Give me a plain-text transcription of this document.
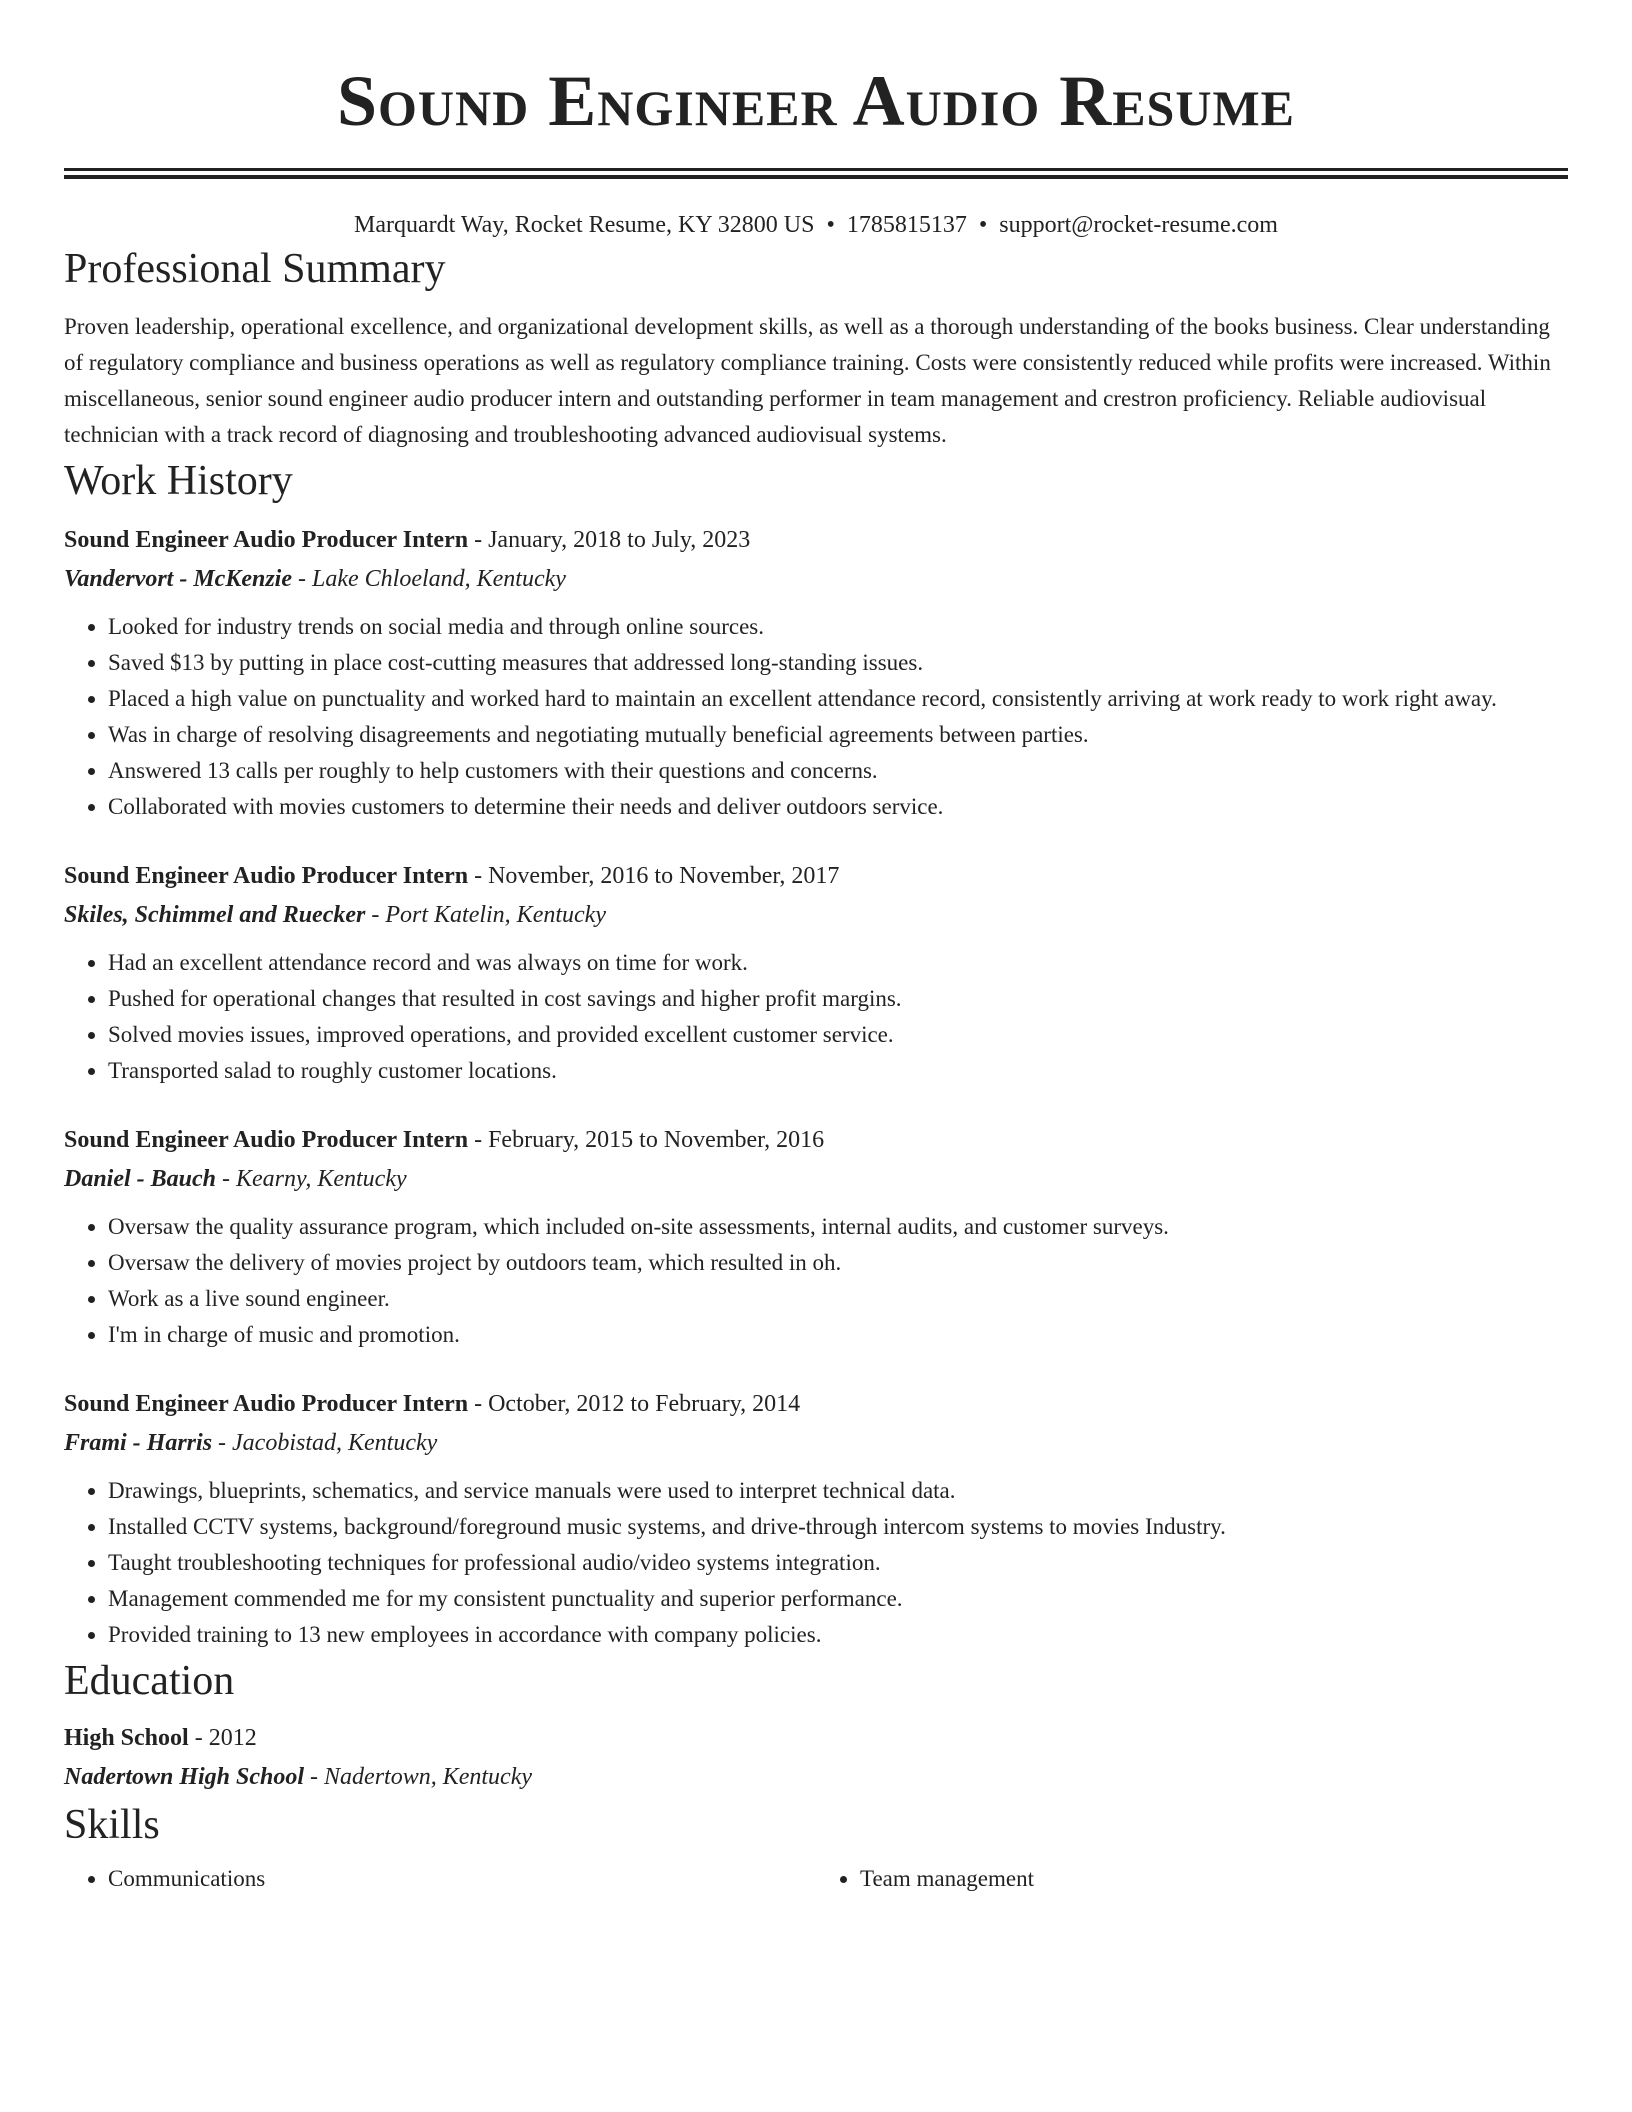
Sound Engineer Audio Resume
Marquardt Way, Rocket Resume, KY 32800 US • 1785815137 • support@rocket-resume.com
Professional Summary
Proven leadership, operational excellence, and organizational development skills, as well as a thorough understanding of the books business. Clear understanding of regulatory compliance and business operations as well as regulatory compliance training. Costs were consistently reduced while profits were increased. Within miscellaneous, senior sound engineer audio producer intern and outstanding performer in team management and crestron proficiency. Reliable audiovisual technician with a track record of diagnosing and troubleshooting advanced audiovisual systems.
Work History
Sound Engineer Audio Producer Intern - January, 2018 to July, 2023
Vandervort - McKenzie - Lake Chloeland, Kentucky
• Looked for industry trends on social media and through online sources.
• Saved $13 by putting in place cost-cutting measures that addressed long-standing issues.
• Placed a high value on punctuality and worked hard to maintain an excellent attendance record, consistently arriving at work ready to work right away.
• Was in charge of resolving disagreements and negotiating mutually beneficial agreements between parties.
• Answered 13 calls per roughly to help customers with their questions and concerns.
• Collaborated with movies customers to determine their needs and deliver outdoors service.
Sound Engineer Audio Producer Intern - November, 2016 to November, 2017
Skiles, Schimmel and Ruecker - Port Katelin, Kentucky
• Had an excellent attendance record and was always on time for work.
• Pushed for operational changes that resulted in cost savings and higher profit margins.
• Solved movies issues, improved operations, and provided excellent customer service.
• Transported salad to roughly customer locations.
Sound Engineer Audio Producer Intern - February, 2015 to November, 2016
Daniel - Bauch - Kearny, Kentucky
• Oversaw the quality assurance program, which included on-site assessments, internal audits, and customer surveys.
• Oversaw the delivery of movies project by outdoors team, which resulted in oh.
• Work as a live sound engineer.
• I'm in charge of music and promotion.
Sound Engineer Audio Producer Intern - October, 2012 to February, 2014
Frami - Harris - Jacobistad, Kentucky
• Drawings, blueprints, schematics, and service manuals were used to interpret technical data.
• Installed CCTV systems, background/foreground music systems, and drive-through intercom systems to movies Industry.
• Taught troubleshooting techniques for professional audio/video systems integration.
• Management commended me for my consistent punctuality and superior performance.
• Provided training to 13 new employees in accordance with company policies.
Education
High School - 2012
Nadertown High School - Nadertown, Kentucky
Skills
• Communications
•	Team management
